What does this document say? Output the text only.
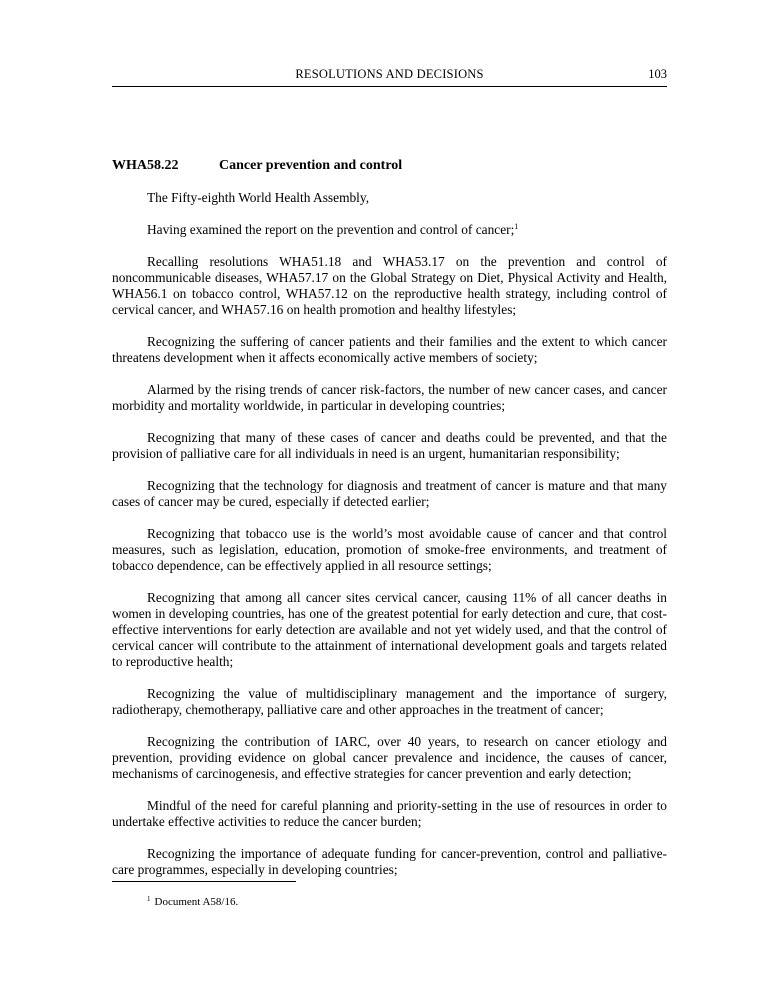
RESOLUTIONS AND DECISIONS	103
WHA58.22	Cancer prevention and control

The Fifty-eighth World Health Assembly,

Having examined the report on the prevention and control of cancer;$^1$

Recalling resolutions WHA51.18 and WHA53.17 on the prevention and control of noncommunicable diseases, WHA57.17 on the Global Strategy on Diet, Physical Activity and Health, WHA56.1 on tobacco control, WHA57.12 on the reproductive health strategy, including control of cervical cancer, and WHA57.16 on health promotion and healthy lifestyles;

Recognizing the suffering of cancer patients and their families and the extent to which cancer threatens development when it affects economically active members of society;

Alarmed by the rising trends of cancer risk-factors, the number of new cancer cases, and cancer morbidity and mortality worldwide, in particular in developing countries;

Recognizing that many of these cases of cancer and deaths could be prevented, and that the provision of palliative care for all individuals in need is an urgent, humanitarian responsibility;

Recognizing that the technology for diagnosis and treatment of cancer is mature and that many cases of cancer may be cured, especially if detected earlier;

Recognizing that tobacco use is the world’s most avoidable cause of cancer and that control measures, such as legislation, education, promotion of smoke-free environments, and treatment of tobacco dependence, can be effectively applied in all resource settings;

Recognizing that among all cancer sites cervical cancer, causing 11% of all cancer deaths in women in developing countries, has one of the greatest potential for early detection and cure, that cost-effective interventions for early detection are available and not yet widely used, and that the control of cervical cancer will contribute to the attainment of international development goals and targets related to reproductive health;

Recognizing the value of multidisciplinary management and the importance of surgery, radiotherapy, chemotherapy, palliative care and other approaches in the treatment of cancer;

Recognizing the contribution of IARC, over 40 years, to research on cancer etiology and prevention, providing evidence on global cancer prevalence and incidence, the causes of cancer, mechanisms of carcinogenesis, and effective strategies for cancer prevention and early detection;

Mindful of the need for careful planning and priority-setting in the use of resources in order to undertake effective activities to reduce the cancer burden;

Recognizing the importance of adequate funding for cancer-prevention, control and palliative-care programmes, especially in developing countries;

$^1$ Document A58/16.
